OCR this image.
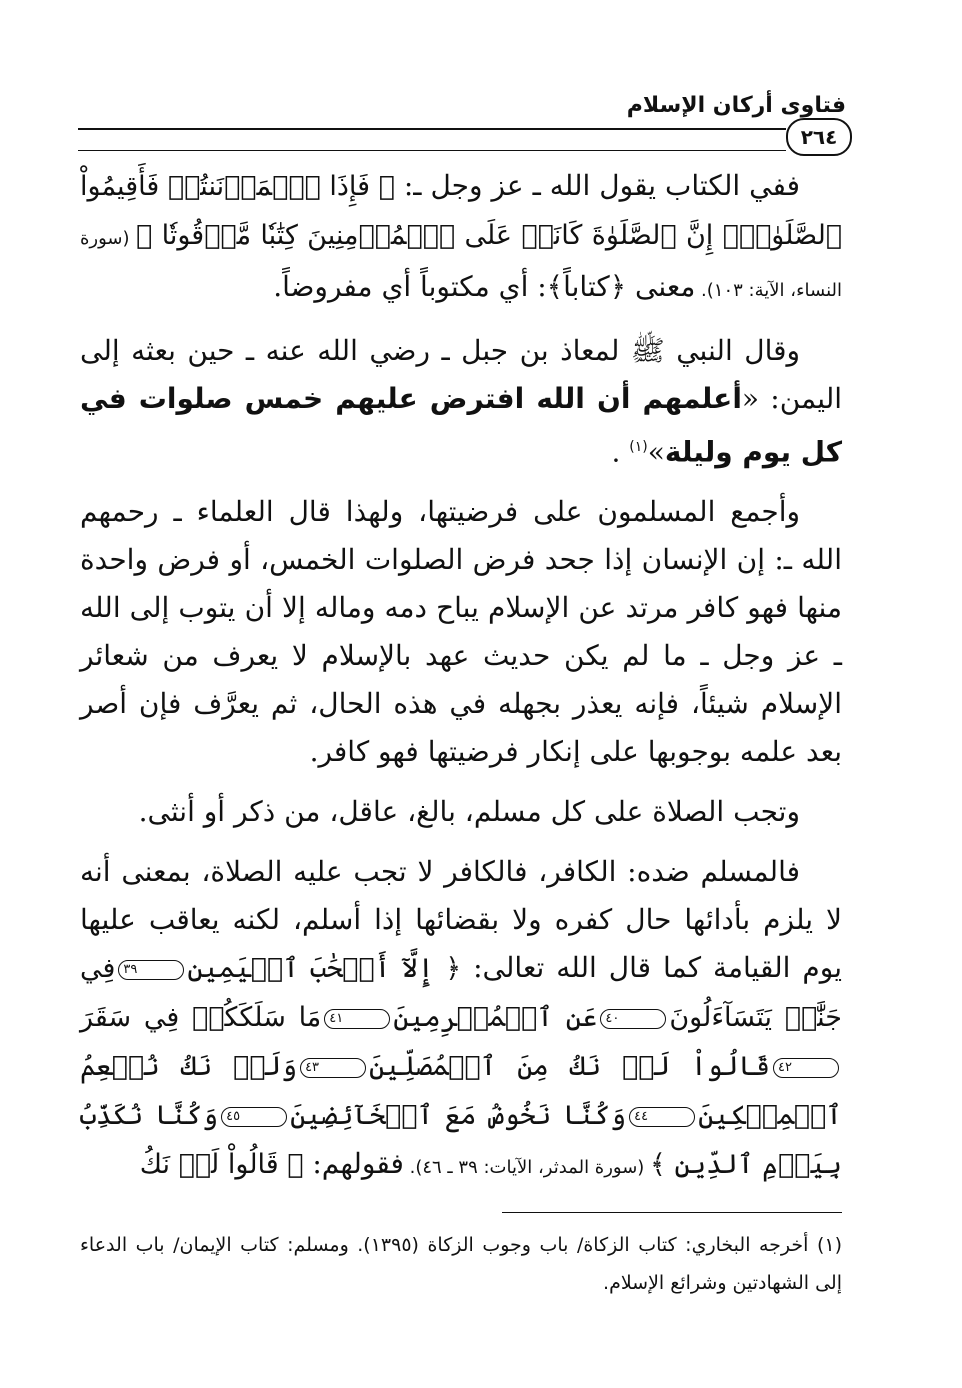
فتاوى أركان الإسلام
٢٦٤

ففي الكتاب يقول الله ـ عز وجل ـ: ﴿ فَإِذَا ٱطۡمَأۡنَنتُمۡ فَأَقِيمُواْ ٱلصَّلَوٰةَۚ إِنَّ ٱلصَّلَوٰةَ كَانَتۡ عَلَى ٱلۡمُؤۡمِنِينَ كِتَٰبٗا مَّوۡقُوتٗا ﴾ (سورة النساء، الآية: ١٠٣). معنى ﴿كتاباً﴾: أي مكتوباً أي مفروضاً.

وقال النبي ﷺ لمعاذ بن جبل ـ رضي الله عنه ـ حين بعثه إلى اليمن: «أعلمهم أن الله افترض عليهم خمس صلوات في كل يوم وليلة»$^{(١)}$ .

وأجمع المسلمون على فرضيتها، ولهذا قال العلماء ـ رحمهم الله ـ: إن الإنسان إذا جحد فرض الصلوات الخمس، أو فرض واحدة منها فهو كافر مرتد عن الإسلام يباح دمه وماله إلا أن يتوب إلى الله ـ عز وجل ـ ما لم يكن حديث عهد بالإسلام لا يعرف من شعائر الإسلام شيئاً، فإنه يعذر بجهله في هذه الحال، ثم يعرَّف فإن أصر بعد علمه بوجوبها على إنكار فرضيتها فهو كافر.

وتجب الصلاة على كل مسلم، بالغ، عاقل، من ذكر أو أنثى.

فالمسلم ضده: الكافر، فالكافر لا تجب عليه الصلاة، بمعنى أنه لا يلزم بأدائها حال كفره ولا بقضائها إذا أسلم، لكنه يعاقب عليها يوم القيامة كما قال الله تعالى: ﴿ إِلَّآ أَصۡحَٰبَ ٱلۡيَمِينِ٣٩فِي جَنَّٰتٖ يَتَسَآءَلُونَ٤٠عَنِ ٱلۡمُجۡرِمِينَ٤١مَا سَلَكَكُمۡ فِي سَقَرَ٤٢قَالُواْ لَمۡ نَكُ مِنَ ٱلۡمُصَلِّينَ٤٣وَلَمۡ نَكُ نُطۡعِمُ ٱلۡمِسۡكِينَ٤٤وَكُنَّا نَخُوضُ مَعَ ٱلۡخَآئِضِينَ٤٥وَكُنَّا نُكَذِّبُ بِيَوۡمِ ٱلدِّينِ ﴾ (سورة المدثر، الآيات: ٣٩ ـ ٤٦). فقولهم: ﴿ قَالُواْ لَمۡ نَكُ

(١) أخرجه البخاري: كتاب الزكاة/ باب وجوب الزكاة (١٣٩٥). ومسلم: كتاب الإيمان/ باب الدعاء إلى الشهادتين وشرائع الإسلام.
